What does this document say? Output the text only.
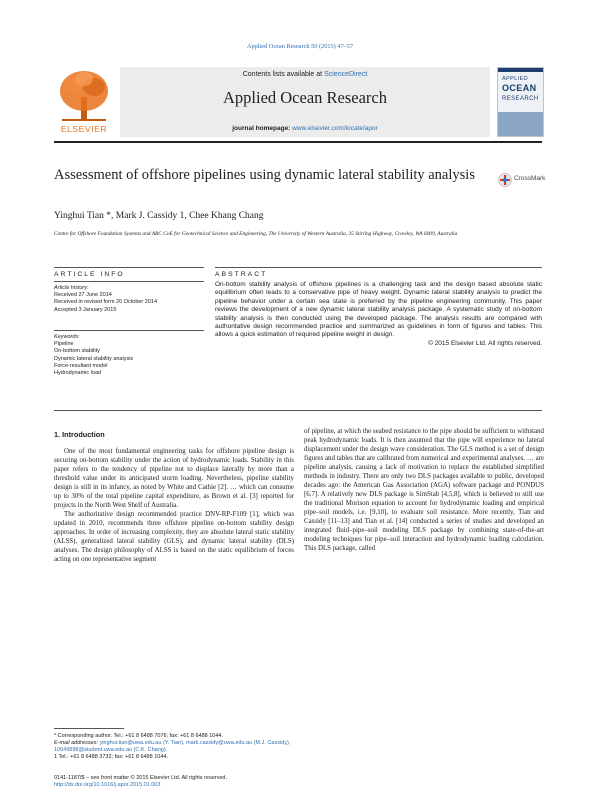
Applied Ocean Research 50 (2015) 47–57
ELSEVIER
Contents lists available at ScienceDirect
Applied Ocean Research
journal homepage: www.elsevier.com/locate/apor
APPLIED
OCEAN
RESEARCH
Assessment of offshore pipelines using dynamic lateral stability analysis	CrossMark
Yinghui Tian *, Mark J. Cassidy 1, Chee Khang Chang
Centre for Offshore Foundation Systems and ARC CoE for Geotechnical Science and Engineering, The University of Western Australia, 35 Stirling Highway, Crawley, WA 6009, Australia
ARTICLE INFO	ABSTRACT
Article history:
Received 27 June 2014
Received in revised form 20 October 2014
Accepted 3 January 2015
Keywords:
Pipeline
On-bottom stability
Dynamic lateral stability analysis
Force-resultant model
Hydrodynamic load
On-bottom stability analysis of offshore pipelines is a challenging task and the design based absolute static equilibrium often leads to a conservative pipe of heavy weight. Dynamic lateral stability analysis to predict the pipeline behavior under a certain sea state is preferred by the pipeline engineering community. This paper reviews the development of a new dynamic lateral stability analysis package. A systematic study of on-bottom stability analysis is then conducted using the developed package. The analysis results are compared with authoritative design recommended practice and summarized as guidelines in form of figures and tables. This allows a quick estimation of required pipeline weight in design.
© 2015 Elsevier Ltd. All rights reserved.
1. Introduction

One of the most fundamental engineering tasks for offshore pipeline design is securing on-bottom stability under the action of hydrodynamic loads. Stability in this paper refers to the tendency of pipeline not to displace laterally by more than a threshold value under its anticipated storm loading. Nevertheless, pipeline stability design is still in its infancy, as noted by White and Cathie [2]. … which can consume up to 30% of the total pipeline capital expenditure, as Brown et al. [3] reported for projects in the North West Shelf of Australia.

The authoritative design recommended practice DNV-RP-F109 [1], which was updated in 2010, recommends three offshore pipeline on-bottom stability design approaches. In order of increasing complexity, they are absolute lateral static stability (ALSS), generalized lateral stability (GLS), and dynamic lateral stability (DLS) analyses. The design philosophy of ALSS is based on the static equilibrium of forces acting on one representative segment

of pipeline, at which the seabed resistance to the pipe should be sufficient to withstand peak hydrodynamic loads. It is then assumed that the pipe will experience no lateral displacement under the design wave consideration. The GLS method is a set of design figures and tables that are calibrated from numerical and experimental analyses. … are pipeline analysis, causing a lack of motivation to replace the established simplified methods in industry. There are only two DLS packages available to public, developed decades ago: the American Gas Association (AGA) software package and PONDUS [6,7]. A relatively new DLS package is SimStab [4,5,8], which is believed to still use the traditional Morison equation to account for hydrodynamic loading and empirical pipe–soil models, i.e. [9,10], to evaluate soil resistance. More recently, Tian and Cassidy [11–13] and Tian et al. [14] conducted a series of studies and developed an integrated fluid–pipe–soil modeling DLS package by combining state-of-the-art modeling techniques for pipe–soil interaction and hydrodynamic loading calculation. This DLS package, called

* Corresponding author. Tel.: +61 8 6488 7076; fax: +61 8 6488 1044.
E-mail addresses: yinghui.tian@uwa.edu.au (Y. Tian), mark.cassidy@uwa.edu.au (M.J. Cassidy), 10649898@student.uwa.edu.au (C.K. Chang).
1 Tel.: +61 8 6488 3732; fax: +61 8 6488 1044.
0141-1187/$ – see front matter © 2015 Elsevier Ltd. All rights reserved.
http://dx.doi.org/10.1016/j.apor.2015.01.003
